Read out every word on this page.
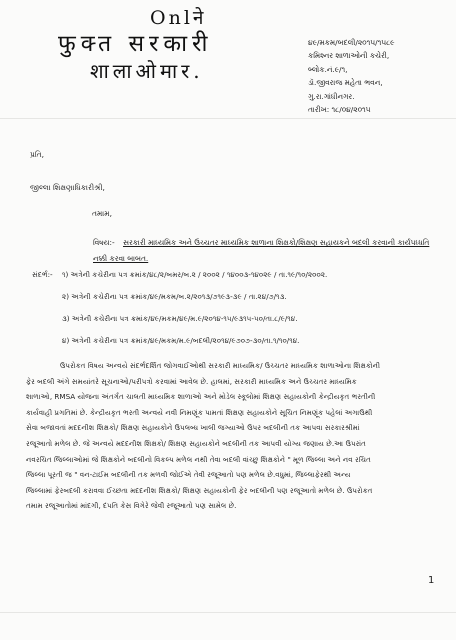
Onlने
फुक्त सरकारी
शालाओमार.
૪૯/મકમ/બદલી/૨૦૧૫/૧૫૮૯
કમિશ્નર શાળાઓની કચેરી,
બ્લોક.નં.૯/૧,
ડૉ.જીવરાજ મહેતા ભવન,
ગુ.રા.ગાંધીનગર.
તારીખ: ૧૮/૦૪/૨૦૧૫
પ્રતિ,
જીલ્લા શિક્ષણાધિકારીશ્રી,
તમામ,
વિષય:- સરકારી માધ્યમિક અને ઉચ્ચતર માધ્યમિક શાળાના શિક્ષકો/શિક્ષણ સહાયકને બદલી કરવાની કાર્યપધ્ધતિ નક્કી કરવા બાબત.
સંદર્ભ:- ૧) અત્રેની કચેરીના પત્ર ક્રમાંક/૪૮/૨/બમર/બ.૨ / ૨૦૦૨ / ૧૪૦૦૩-૧૪૦૨૯ / તા.૧૯/૧૦/૨૦૦૨.
૨) અત્રેની કચેરીના પત્ર ક્રમાંક/૪૯/મકમ/બ.૨/૨૦૧૩/૭૧૯૩-૩૯ / તા.૨૪/૭/૧૩.
૩) અત્રેની કચેરીના પત્ર ક્રમાંક/૪૯/મકમ/૪૯/મ.૯/૨૦૧૪-૧૫/૯૩૧૫-૫૦/તા.૮/૯/૧૪.
૪) અત્રેની કચેરીના પત્ર ક્રમાંક/૪૯/મકમ/મ.૯/બદલી/૨૦૧૪/૯૭૦૭-૩૦/તા.૧/૧૦/૧૪.
ઉપરોકત વિષય અન્વયે સંદર્ભદર્શિત જોગવાઈઓથી સરકારી માધ્યમિક/ ઉચ્ચતર માધ્યમિક શાળાઓના શિક્ષકોની
ફેર બદલી અંગે સમયાંતરે સૂચનાઓ/પરીપત્રો કરવામાં આવેલ છે. હાલમાં, સરકારી માધ્યમિક અને ઉચ્ચતર માધ્યમિક
શાળાઓ, RMSA યોજના અંતર્ગત ચાલતી માધ્યમિક શાળાઓ અને મોડેલ સ્કૂલોમાં શિક્ષણ સહાયકોની કેન્દ્રીયકૃત ભરતીની
કાર્યવાહી પ્રગતિમાં છે. કેન્દ્રીયકૃત ભરતી અન્વયે નવી નિમણૂંક પામતાં શિક્ષણ સહાયકોને સૂચિત નિમણૂંક પહેલાં અગાઉથી
સેવા બજાવતાં મદદનીશ શિક્ષકો/ શિક્ષણ સહાયકોને ઉપલબ્ધ ખાલી જગ્યાઓ ઉપર બદલીની તક આપવા સરકારશ્રીમાં
રજૂઆતો મળેલ છે. જે અન્વયે મદદનીશ શિક્ષકો/ શિક્ષણ સહાયકોને બદલીની તક આપવી યોગ્ય જણાય છે.આ ઉપરાંત
નવરચિત જિલ્લાઓમાં જે શિક્ષકોને બદલીનો વિકલ્પ મળેલ નથી તેવા બદલી વાંચ્છુ શિક્ષકોને " મૂળ જિલ્લા અને નવ રચિત
જિલ્લા પૂરતી જ " વન-ટાઈમ બદલીની તક મળવી જોઈએ તેવી રજૂઆતો પણ મળેલ છે.વધુમાં, જિલ્લાફેરથી અન્ય
જિલ્લામાં ફેરબદલી કરાવવા ઈચ્છતા મદદનીશ શિક્ષકો/ શિક્ષણ સહાયકોની ફેર બદલીની પણ રજૂઆતો મળેલ છે. ઉપરોકત
તમામ રજૂઆતોમાં માંદગી, દંપતિ કેસ વિગેરે જેવી રજૂઆતો પણ સામેલ છે.
1
